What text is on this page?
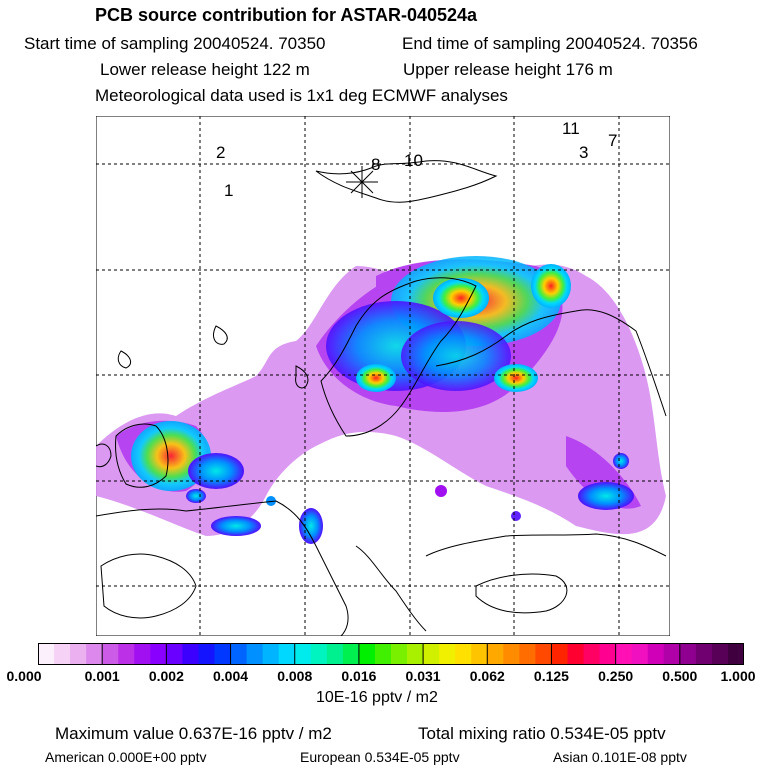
PCB source contribution for ASTAR-040524a
Start time of sampling 20040524. 70350	End time of sampling 20040524. 70356
Lower release height 122 m	Upper release height 176 m
Meteorological data used is 1x1 deg ECMWF analyses
2
1
8 10
11
3
7
0.000	0.001 0.002 0.004 0.008 0.016 0.031 0.062 0.125 0.250 0.500 1.000
10E-16 pptv / m2
Maximum value 0.637E-16 pptv / m2	Total mixing ratio 0.534E-05 pptv
American 0.000E+00 pptv	European 0.534E-05 pptv	Asian 0.101E-08 pptv
